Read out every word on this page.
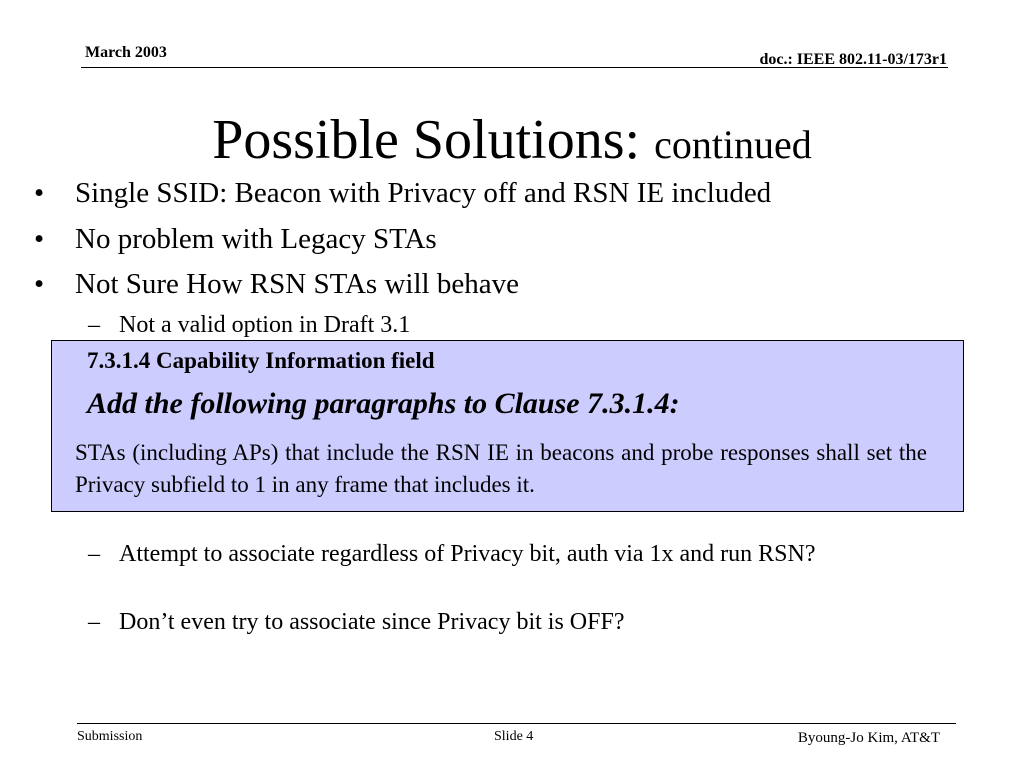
March 2003	doc.: IEEE 802.11-03/173r1
Possible Solutions: continued
• Single SSID: Beacon with Privacy off and RSN IE included
• No problem with Legacy STAs
• Not Sure How RSN STAs will behave
– Not a valid option in Draft 3.1
7.3.1.4 Capability Information field
Add the following paragraphs to Clause 7.3.1.4:
STAs (including APs) that include the RSN IE in beacons and probe responses shall set the Privacy subfield to 1 in any frame that includes it.
– Attempt to associate regardless of Privacy bit, auth via 1x and run RSN?
– Don’t even try to associate since Privacy bit is OFF?
Submission	Slide 4	Byoung-Jo Kim, AT&T
